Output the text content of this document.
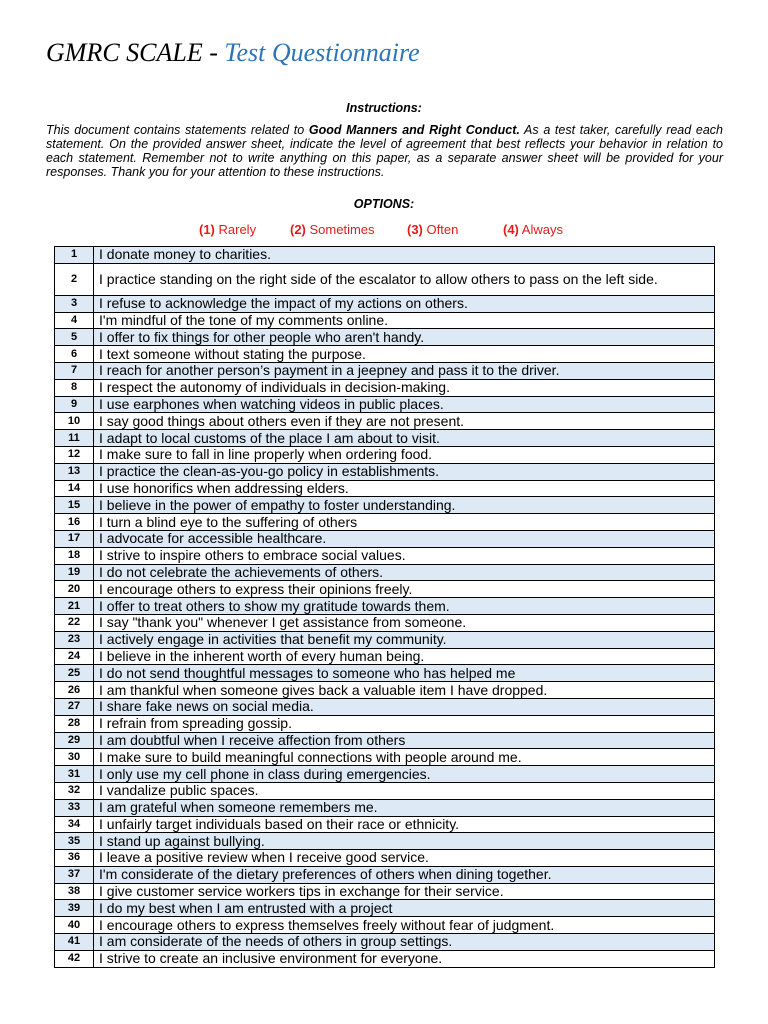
GMRC SCALE - Test Questionnaire
Instructions:
This document contains statements related to Good Manners and Right Conduct. As a test taker, carefully read each statement. On the provided answer sheet, indicate the level of agreement that best reflects your behavior in relation to each statement. Remember not to write anything on this paper, as a separate answer sheet will be provided for your responses. Thank you for your attention to these instructions.
OPTIONS:
(1) Rarely	(2) Sometimes (3) Often	(4) Always
1	I donate money to charities.
2	I practice standing on the right side of the escalator to allow others to pass on the left side.
3	I refuse to acknowledge the impact of my actions on others.
4	I'm mindful of the tone of my comments online.
5	I offer to fix things for other people who aren't handy.
6	I text someone without stating the purpose.
7	I reach for another person’s payment in a jeepney and pass it to the driver.
8	I respect the autonomy of individuals in decision-making.
9	I use earphones when watching videos in public places.
10	I say good things about others even if they are not present.
11	I adapt to local customs of the place I am about to visit.
12	I make sure to fall in line properly when ordering food.
13	I practice the clean-as-you-go policy in establishments.
14	I use honorifics when addressing elders.
15	I believe in the power of empathy to foster understanding.
16	I turn a blind eye to the suffering of others
17	I advocate for accessible healthcare.
18	I strive to inspire others to embrace social values.
19	I do not celebrate the achievements of others.
20	I encourage others to express their opinions freely.
21	I offer to treat others to show my gratitude towards them.
22	I say "thank you" whenever I get assistance from someone.
23	I actively engage in activities that benefit my community.
24	I believe in the inherent worth of every human being.
25	I do not send thoughtful messages to someone who has helped me
26	I am thankful when someone gives back a valuable item I have dropped.
27	I share fake news on social media.
28	I refrain from spreading gossip.
29	I am doubtful when I receive affection from others
30	I make sure to build meaningful connections with people around me.
31	I only use my cell phone in class during emergencies.
32	I vandalize public spaces.
33	I am grateful when someone remembers me.
34	I unfairly target individuals based on their race or ethnicity.
35	I stand up against bullying.
36	I leave a positive review when I receive good service.
37	I'm considerate of the dietary preferences of others when dining together.
38	I give customer service workers tips in exchange for their service.
39	I do my best when I am entrusted with a project
40	I encourage others to express themselves freely without fear of judgment.
41	I am considerate of the needs of others in group settings.
42	I strive to create an inclusive environment for everyone.
